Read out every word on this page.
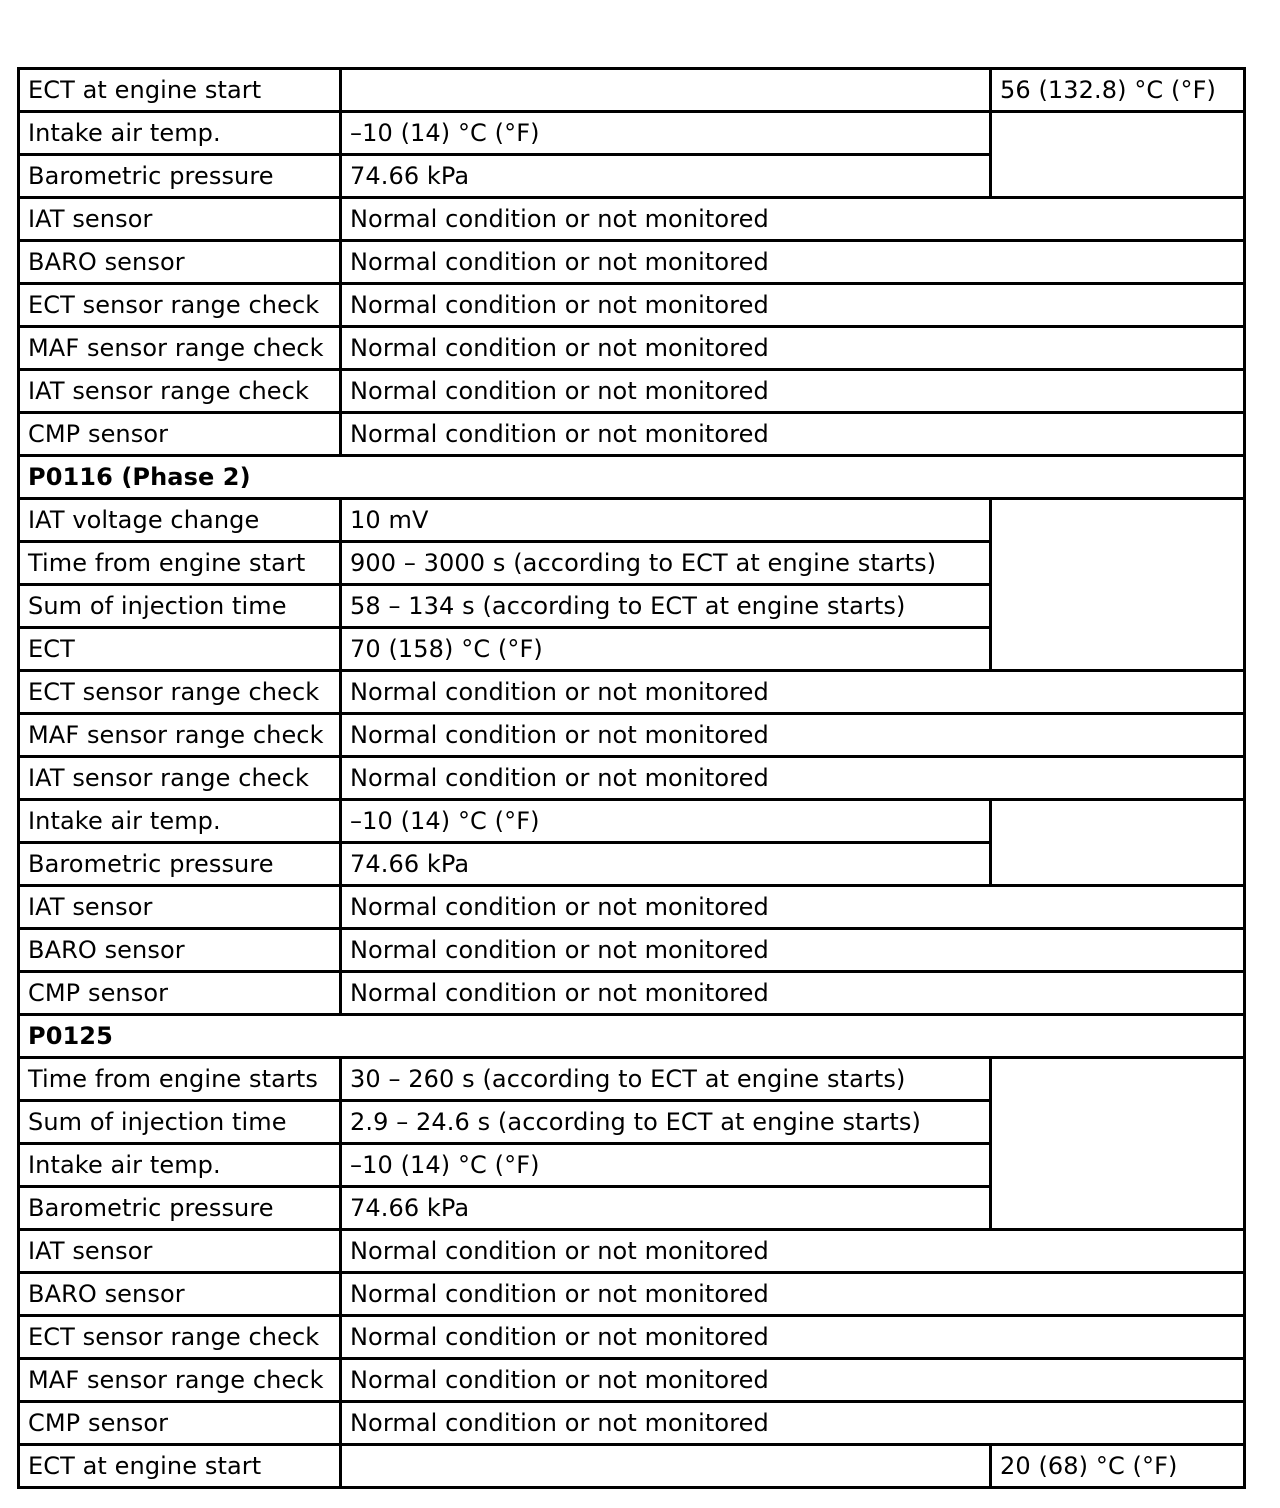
ECT at engine start		56 (132.8) °C (°F)
Intake air temp.	–10 (14) °C (°F)	
Barometric pressure	74.66 kPa	
IAT sensor	Normal condition or not monitored	
BARO sensor	Normal condition or not monitored	
ECT sensor range check	Normal condition or not monitored	
MAF sensor range check	Normal condition or not monitored	
IAT sensor range check	Normal condition or not monitored	
CMP sensor	Normal condition or not monitored	
P0116 (Phase 2)		
IAT voltage change	10 mV	
Time from engine start	900 – 3000 s (according to ECT at engine starts)	
Sum of injection time	58 – 134 s (according to ECT at engine starts)	
ECT	70 (158) °C (°F)	
ECT sensor range check	Normal condition or not monitored	
MAF sensor range check	Normal condition or not monitored	
IAT sensor range check	Normal condition or not monitored	
Intake air temp.	–10 (14) °C (°F)	
Barometric pressure	74.66 kPa	
IAT sensor	Normal condition or not monitored	
BARO sensor	Normal condition or not monitored	
CMP sensor	Normal condition or not monitored	
P0125		
Time from engine starts	30 – 260 s (according to ECT at engine starts)	
Sum of injection time	2.9 – 24.6 s (according to ECT at engine starts)	
Intake air temp.	–10 (14) °C (°F)	
Barometric pressure	74.66 kPa	
IAT sensor	Normal condition or not monitored	
BARO sensor	Normal condition or not monitored	
ECT sensor range check	Normal condition or not monitored	
MAF sensor range check	Normal condition or not monitored	
CMP sensor	Normal condition or not monitored	
ECT at engine start		20 (68) °C (°F)
